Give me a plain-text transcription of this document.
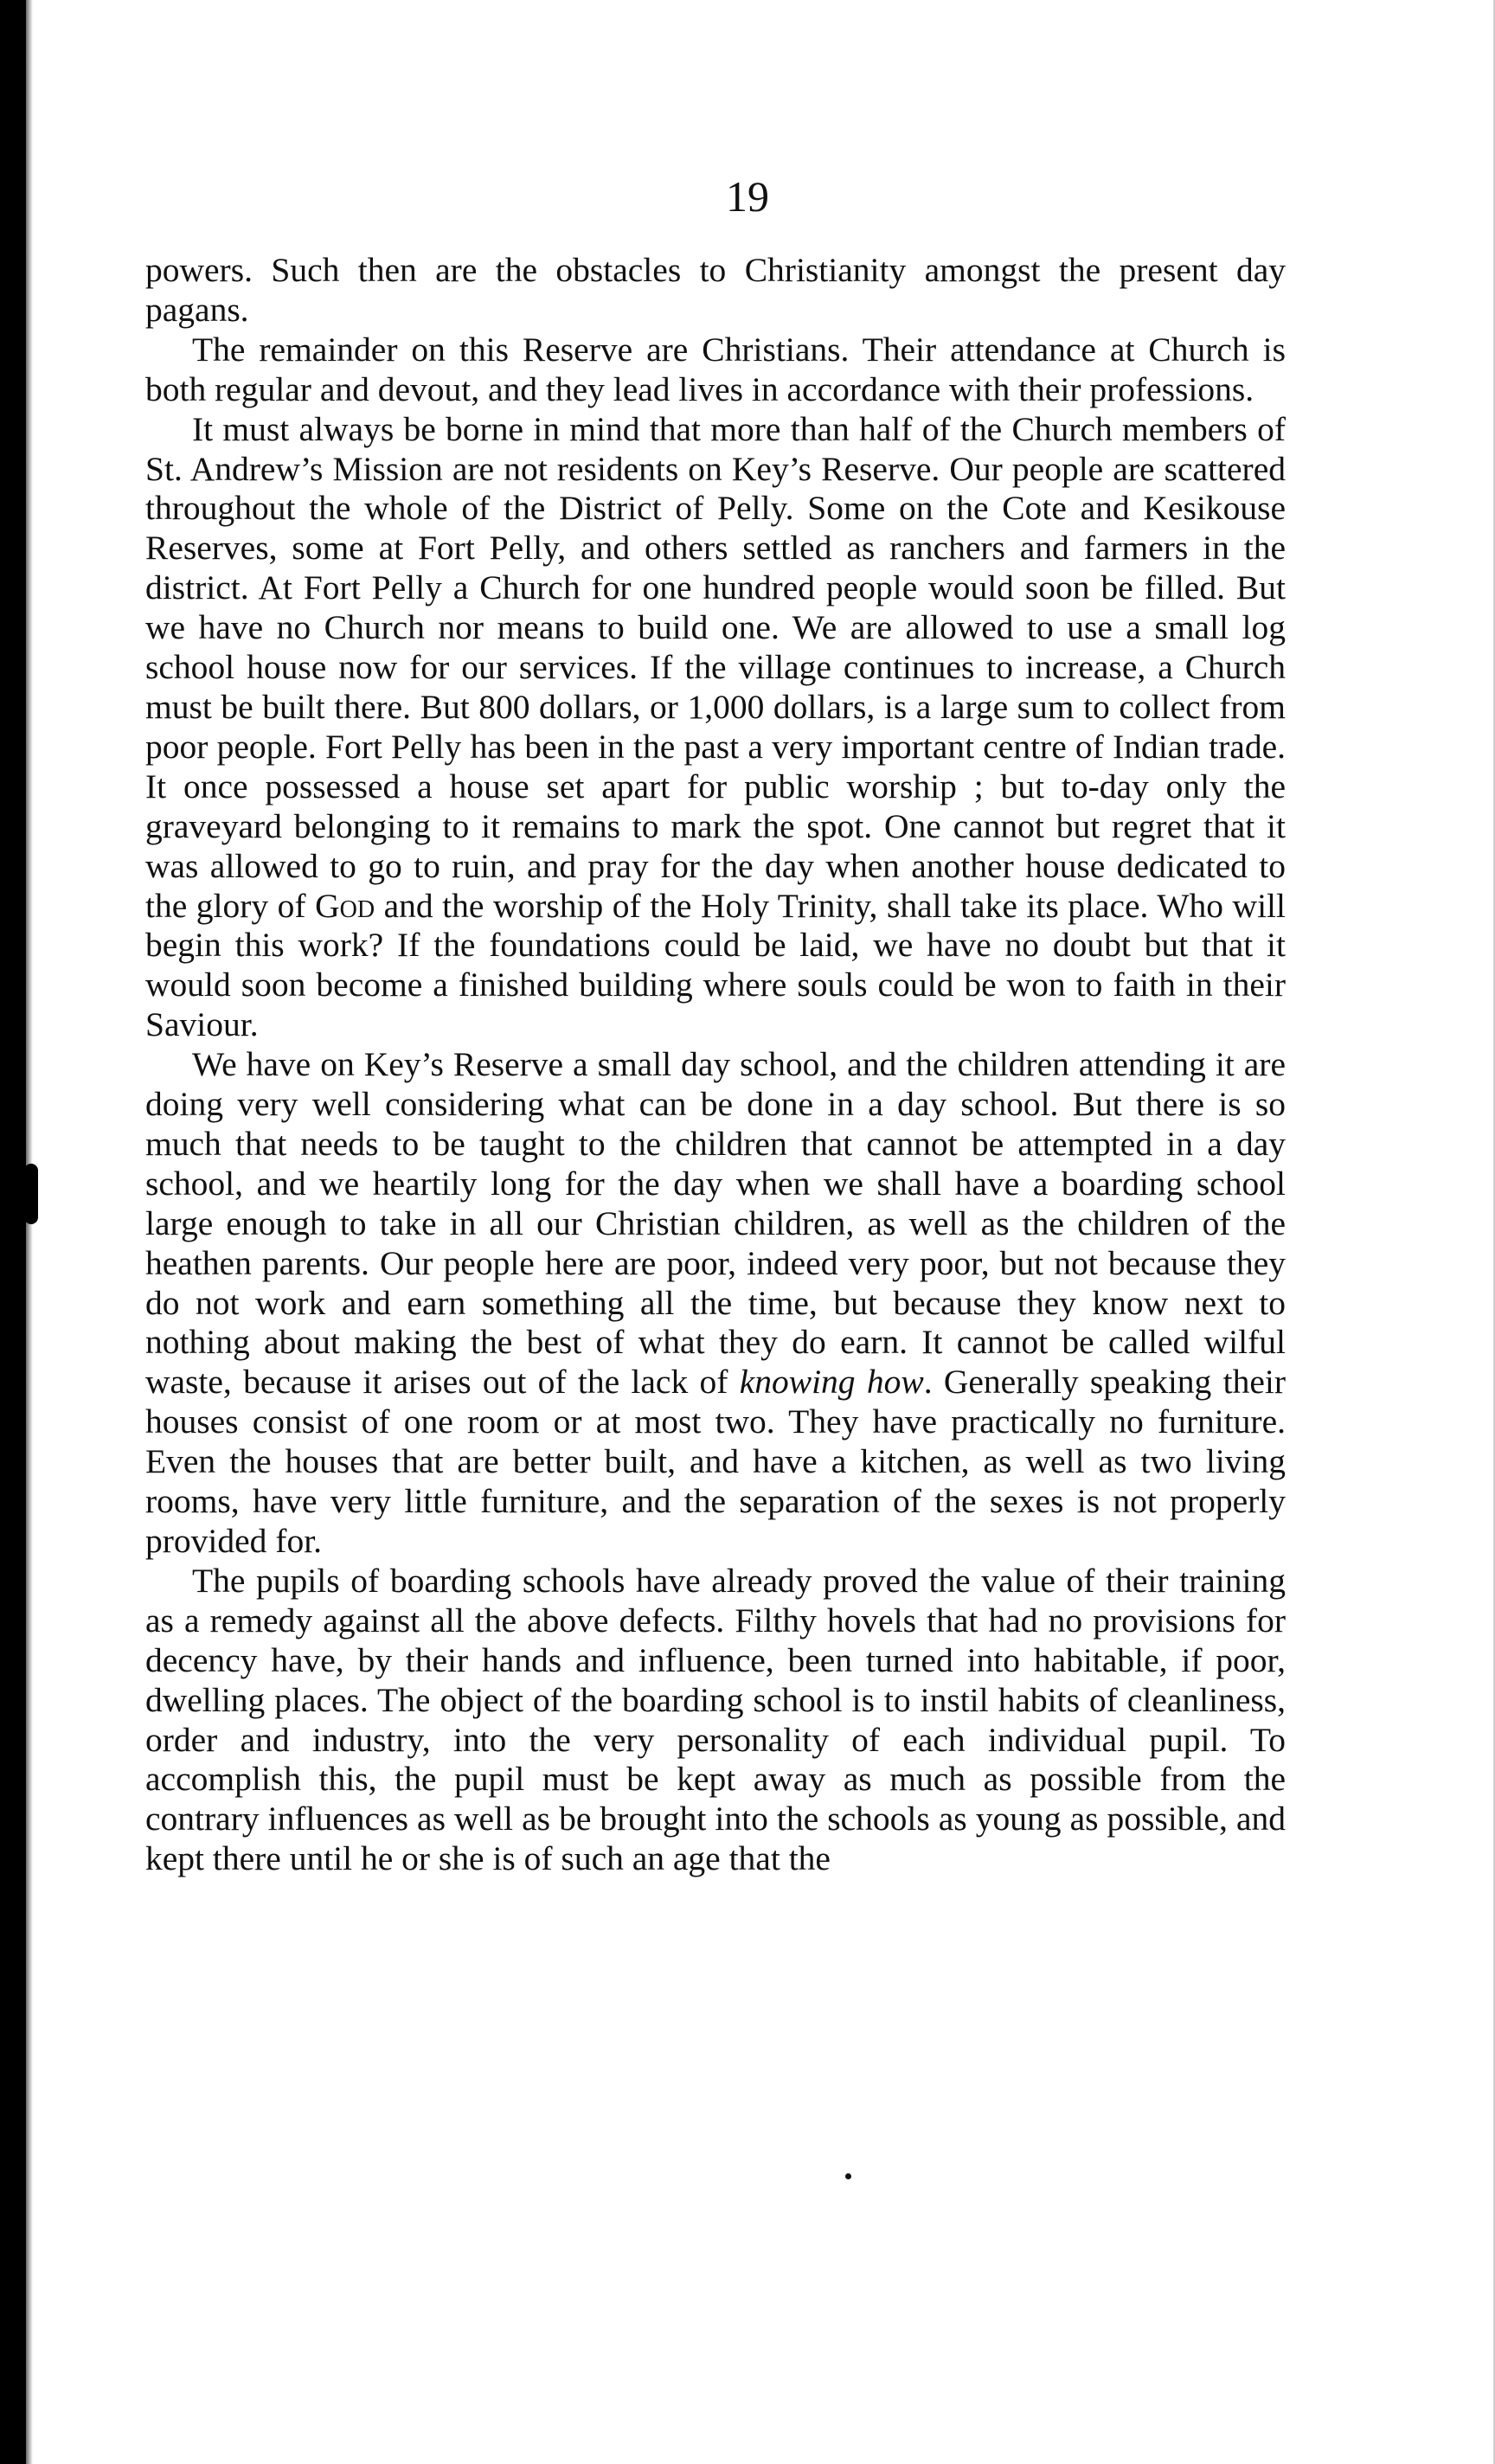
19

powers. Such then are the obstacles to Christianity amongst the present day pagans.

The remainder on this Reserve are Christians. Their attendance at Church is both regular and devout, and they lead lives in accordance with their professions.

It must always be borne in mind that more than half of the Church members of St. Andrew’s Mission are not residents on Key’s Reserve. Our people are scattered throughout the whole of the District of Pelly. Some on the Cote and Kesikouse Reserves, some at Fort Pelly, and others settled as ranchers and farmers in the district. At Fort Pelly a Church for one hundred people would soon be filled. But we have no Church nor means to build one. We are allowed to use a small log school house now for our services. If the village continues to increase, a Church must be built there. But 800 dollars, or 1,000 dollars, is a large sum to collect from poor people. Fort Pelly has been in the past a very important centre of Indian trade. It once possessed a house set apart for public worship ; but to-day only the graveyard belonging to it remains to mark the spot. One cannot but regret that it was allowed to go to ruin, and pray for the day when another house dedicated to the glory of God and the worship of the Holy Trinity, shall take its place. Who will begin this work? If the foundations could be laid, we have no doubt but that it would soon become a finished building where souls could be won to faith in their Saviour.

We have on Key’s Reserve a small day school, and the children attending it are doing very well considering what can be done in a day school. But there is so much that needs to be taught to the children that cannot be attempted in a day school, and we heartily long for the day when we shall have a boarding school large enough to take in all our Christian children, as well as the children of the heathen parents. Our people here are poor, indeed very poor, but not because they do not work and earn something all the time, but because they know next to nothing about making the best of what they do earn. It cannot be called wilful waste, because it arises out of the lack of knowing how. Generally speaking their houses consist of one room or at most two. They have practically no furniture. Even the houses that are better built, and have a kitchen, as well as two living rooms, have very little furniture, and the separation of the sexes is not properly provided for.

The pupils of boarding schools have already proved the value of their training as a remedy against all the above defects. Filthy hovels that had no provisions for decency have, by their hands and influence, been turned into habitable, if poor, dwelling places. The object of the boarding school is to instil habits of cleanliness, order and industry, into the very personality of each individual pupil. To accomplish this, the pupil must be kept away as much as possible from the contrary influences as well as be brought into the schools as young as possible, and kept there until he or she is of such an age that the
